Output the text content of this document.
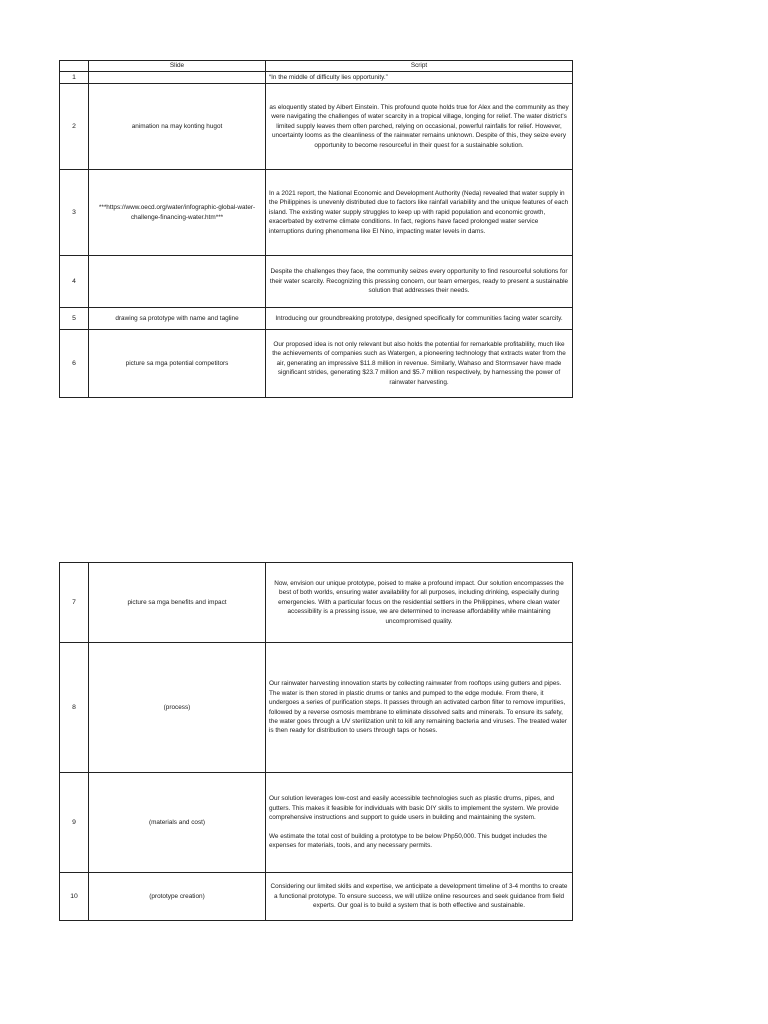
	Slide	Script
1		“In the middle of difficulty lies opportunity.”
2	animation na may konting hugot	as eloquently stated by Albert Einstein. This profound quote holds true for Alex and the community as they were navigating the challenges of water scarcity in a tropical village, longing for relief. The water district's limited supply leaves them often parched, relying on occasional, powerful rainfalls for relief. However, uncertainty looms as the cleanliness of the rainwater remains unknown. Despite of this, they seize every opportunity to become resourceful in their quest for a sustainable solution.
3	***https://www.oecd.org/water/infographic-global-water-challenge-financing-water.htm***	In a 2021 report, the National Economic and Development Authority (Neda) revealed that water supply in the Philippines is unevenly distributed due to factors like rainfall variability and the unique features of each island. The existing water supply struggles to keep up with rapid population and economic growth, exacerbated by extreme climate conditions. In fact, regions have faced prolonged water service interruptions during phenomena like El Nino, impacting water levels in dams.
4		Despite the challenges they face, the community seizes every opportunity to find resourceful solutions for their water scarcity. Recognizing this pressing concern, our team emerges, ready to present a sustainable solution that addresses their needs.
5	drawing sa prototype with name and tagline	Introducing our groundbreaking prototype, designed specifically for communities facing water scarcity.
6	picture sa mga potential competitors	Our proposed idea is not only relevant but also holds the potential for remarkable profitability, much like the achievements of companies such as Watergen, a pioneering technology that extracts water from the air, generating an impressive $11.8 million in revenue. Similarly, Wahaso and Stormsaver have made significant strides, generating $23.7 million and $5.7 million respectively, by harnessing the power of rainwater harvesting.
7	picture sa mga benefits and impact	Now, envision our unique prototype, poised to make a profound impact. Our solution encompasses the best of both worlds, ensuring water availability for all purposes, including drinking, especially during emergencies. With a particular focus on the residential settlers in the Philippines, where clean water accessibility is a pressing issue, we are determined to increase affordability while maintaining uncompromised quality.
8	(process)	Our rainwater harvesting innovation starts by collecting rainwater from rooftops using gutters and pipes. The water is then stored in plastic drums or tanks and pumped to the edge module. From there, it undergoes a series of purification steps. It passes through an activated carbon filter to remove impurities, followed by a reverse osmosis membrane to eliminate dissolved salts and minerals. To ensure its safety, the water goes through a UV sterilization unit to kill any remaining bacteria and viruses. The treated water is then ready for distribution to users through taps or hoses.
9	(materials and cost)	Our solution leverages low-cost and easily accessible technologies such as plastic drums, pipes, and gutters. This makes it feasible for individuals with basic DIY skills to implement the system. We provide comprehensive instructions and support to guide users in building and maintaining the system.
We estimate the total cost of building a prototype to be below Php50,000. This budget includes the expenses for materials, tools, and any necessary permits.
10	(prototype creation)	Considering our limited skills and expertise, we anticipate a development timeline of 3-4 months to create a functional prototype. To ensure success, we will utilize online resources and seek guidance from field experts. Our goal is to build a system that is both effective and sustainable.
